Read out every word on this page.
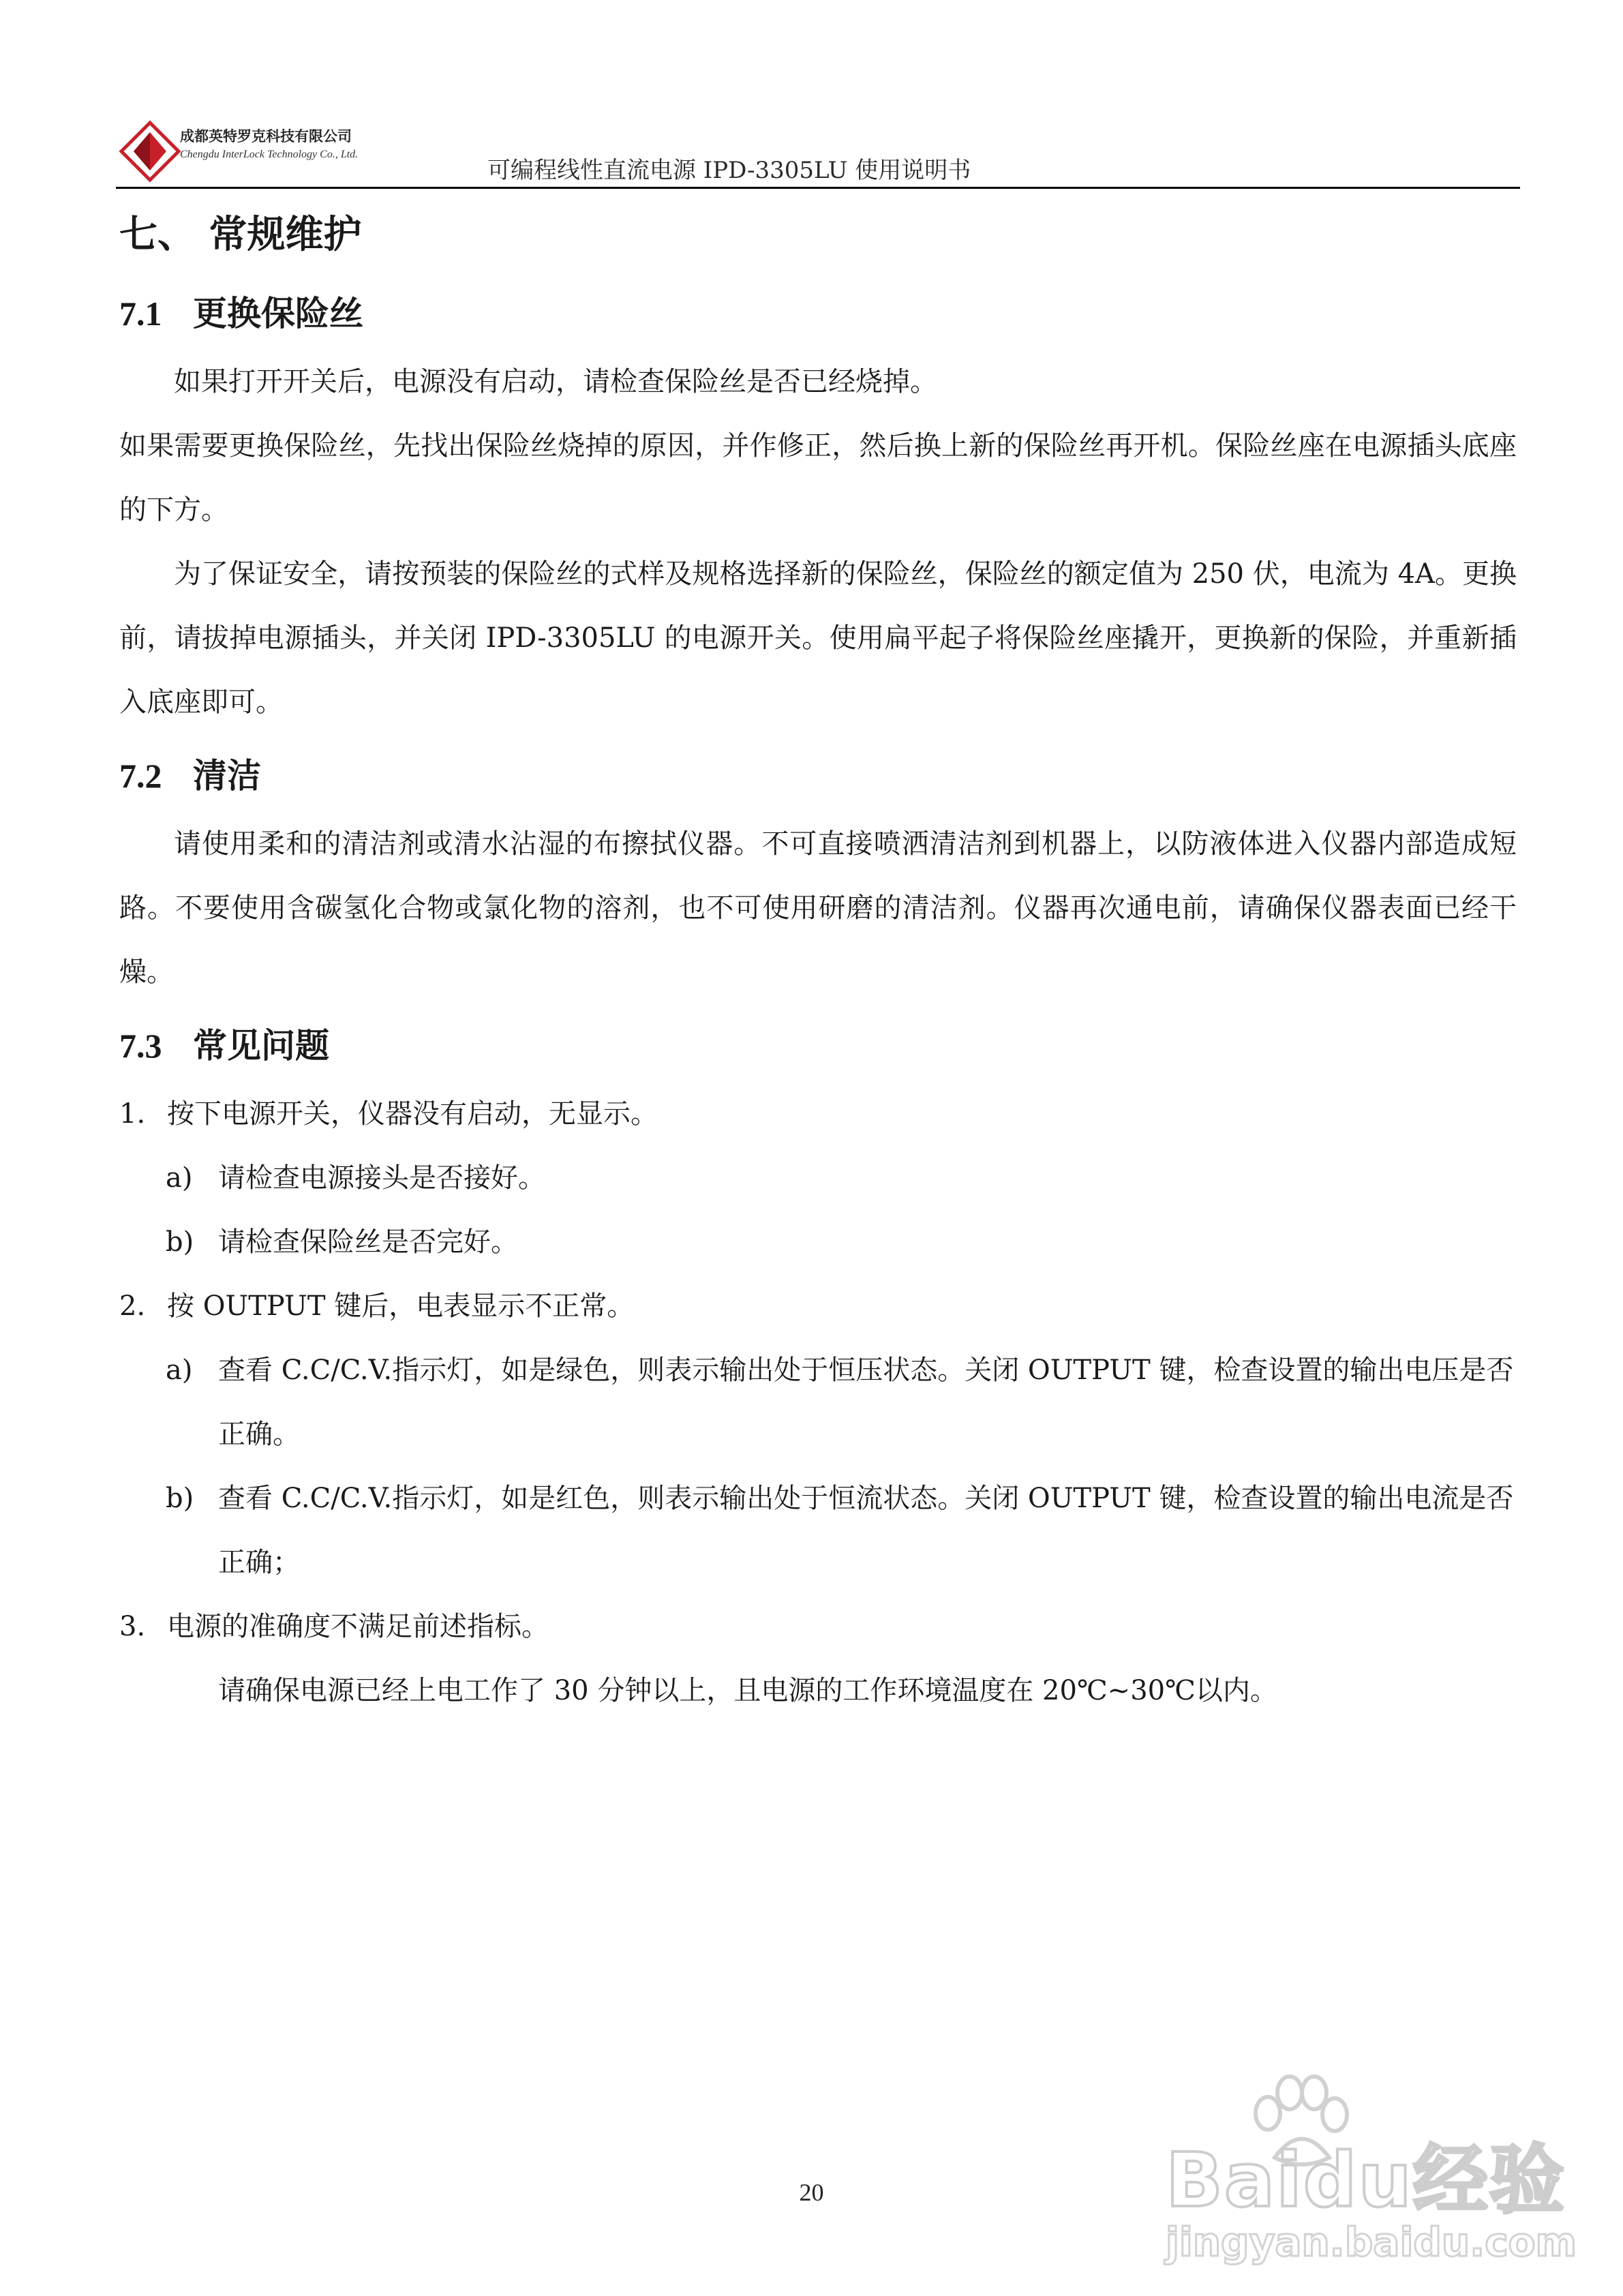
成都英特罗克科技有限公司
Chengdu InterLock Technology Co., Ltd.
可编程线性直流电源 IPD-3305LU 使用说明书
七、 常规维护
7.1 更换保险丝

如果打开开关后，电源没有启动，请检查保险丝是否已经烧掉。

如果需要更换保险丝，先找出保险丝烧掉的原因，并作修正，然后换上新的保险丝再开机。保险丝座在电源插头底座的下方。

为了保证安全，请按预装的保险丝的式样及规格选择新的保险丝，保险丝的额定值为 250 伏，电流为 4A。更换前，请拔掉电源插头，并关闭 IPD-3305LU 的电源开关。使用扁平起子将保险丝座撬开，更换新的保险，并重新插入底座即可。

7.2 清洁

请使用柔和的清洁剂或清水沾湿的布擦拭仪器。不可直接喷洒清洁剂到机器上，以防液体进入仪器内部造成短路。不要使用含碳氢化合物或氯化物的溶剂，也不可使用研磨的清洁剂。仪器再次通电前，请确保仪器表面已经干燥。

7.3 常见问题
1. 按下电源开关，仪器没有启动，无显示。
a) 请检查电源接头是否接好。
b) 请检查保险丝是否完好。
2. 按 OUTPUT 键后，电表显示不正常。
a) 查看 C.C/C.V.指示灯，如是绿色，则表示输出处于恒压状态。关闭 OUTPUT 键，检查设置的输出电压是否正确。
b) 查看 C.C/C.V.指示灯，如是红色，则表示输出处于恒流状态。关闭 OUTPUT 键，检查设置的输出电流是否正确；
3. 电源的准确度不满足前述指标。
请确保电源已经上电工作了 30 分钟以上，且电源的工作环境温度在 20℃~30℃以内。
20	Baidu经验
jingyan.baidu.com
